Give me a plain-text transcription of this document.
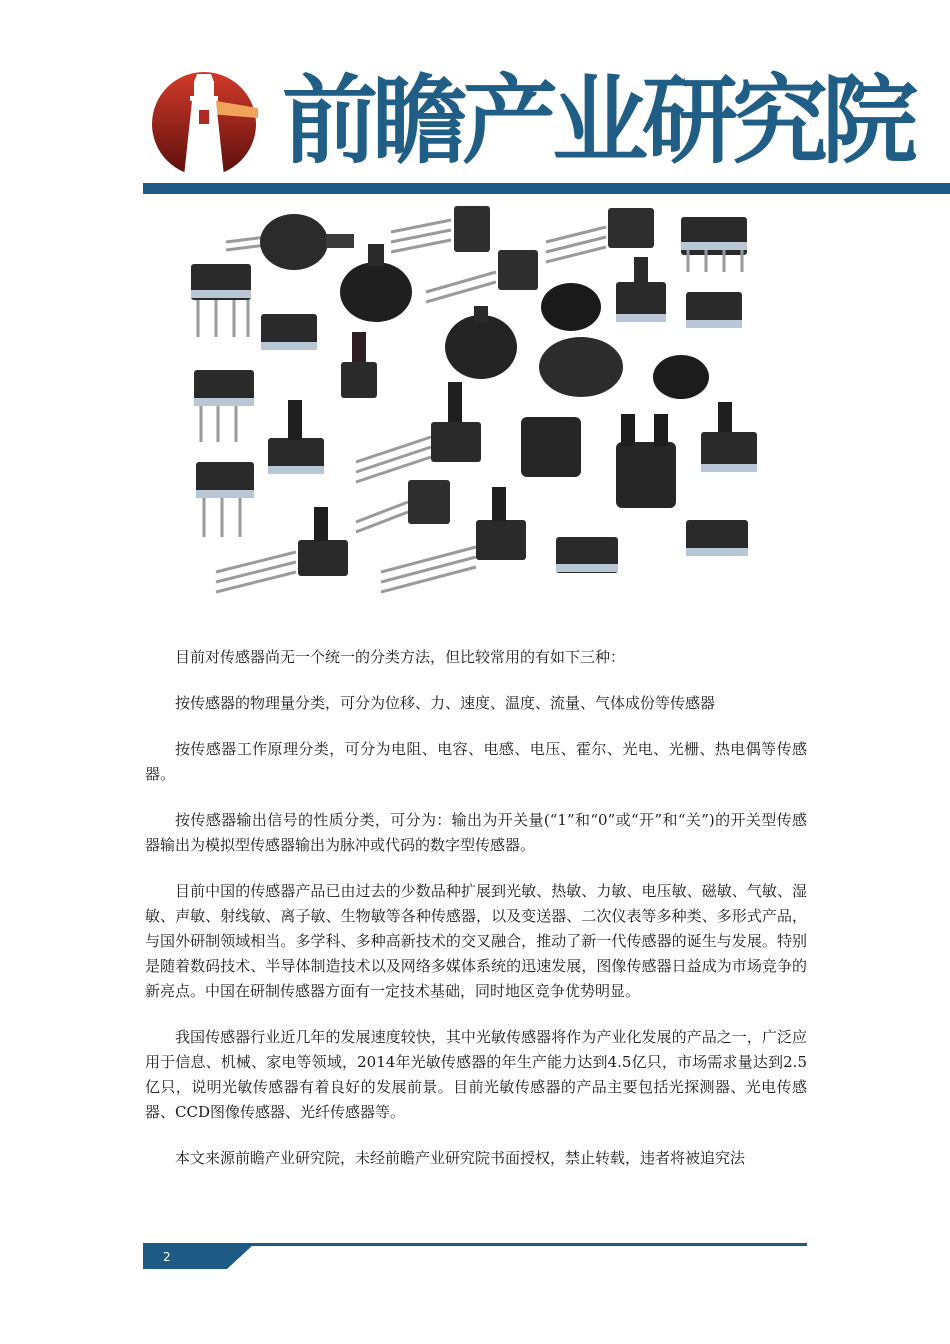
前瞻产业研究院

目前对传感器尚无一个统一的分类方法，但比较常用的有如下三种：

按传感器的物理量分类，可分为位移、力、速度、温度、流量、气体成份等传感器

按传感器工作原理分类，可分为电阻、电容、电感、电压、霍尔、光电、光栅、热电偶等传感器。

按传感器输出信号的性质分类，可分为：输出为开关量(“1”和“0”或“开”和“关”)的开关型传感器输出为模拟型传感器输出为脉冲或代码的数字型传感器。

目前中国的传感器产品已由过去的少数品种扩展到光敏、热敏、力敏、电压敏、磁敏、气敏、湿敏、声敏、射线敏、离子敏、生物敏等各种传感器，以及变送器、二次仪表等多种类、多形式产品，与国外研制领域相当。多学科、多种高新技术的交叉融合，推动了新一代传感器的诞生与发展。特别是随着数码技术、半导体制造技术以及网络多媒体系统的迅速发展，图像传感器日益成为市场竞争的新亮点。中国在研制传感器方面有一定技术基础，同时地区竞争优势明显。

我国传感器行业近几年的发展速度较快，其中光敏传感器将作为产业化发展的产品之一，广泛应用于信息、机械、家电等领域，2014年光敏传感器的年生产能力达到4.5亿只，市场需求量达到2.5亿只，说明光敏传感器有着良好的发展前景。目前光敏传感器的产品主要包括光探测器、光电传感器、CCD图像传感器、光纤传感器等。

本文来源前瞻产业研究院，未经前瞻产业研究院书面授权，禁止转载，违者将被追究法

2
